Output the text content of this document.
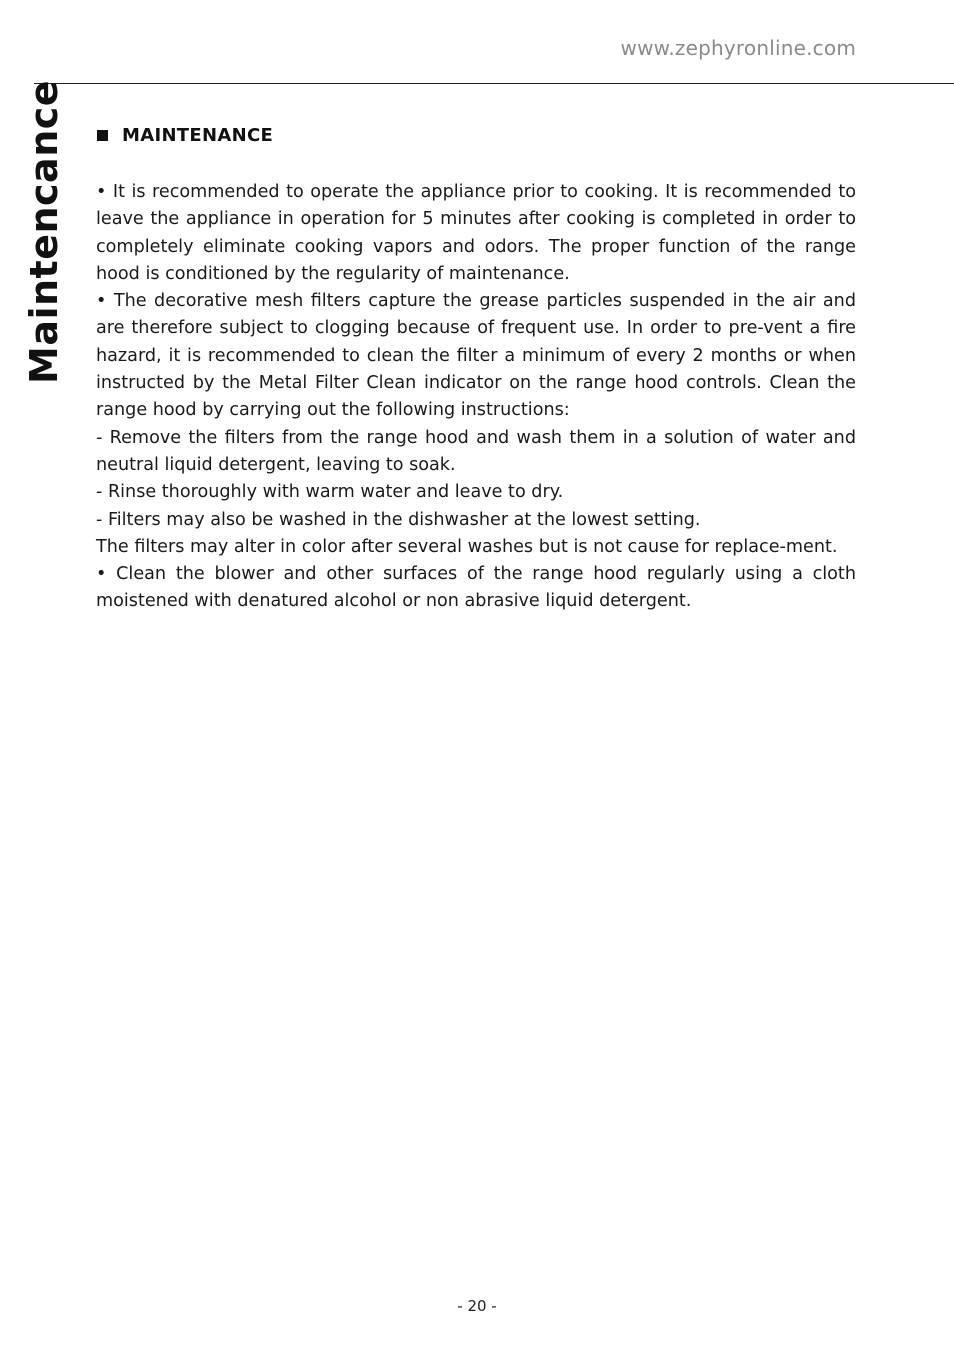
www.zephyronline.com
Maintencance	MAINTENANCE

• It is recommended to operate the appliance prior to cooking. It is recommended to leave the appliance in operation for 5 minutes after cooking is completed in order to completely eliminate cooking vapors and odors. The proper function of the range hood is conditioned by the regularity of maintenance.

• The decorative mesh filters capture the grease particles suspended in the air and are therefore subject to clogging because of frequent use. In order to pre-vent a fire hazard, it is recommended to clean the filter a minimum of every 2 months or when instructed by the Metal Filter Clean indicator on the range hood controls. Clean the range hood by carrying out the following instructions:

- Remove the filters from the range hood and wash them in a solution of water and neutral liquid detergent, leaving to soak.

- Rinse thoroughly with warm water and leave to dry.

- Filters may also be washed in the dishwasher at the lowest setting.

The filters may alter in color after several washes but is not cause for replace-ment.

• Clean the blower and other surfaces of the range hood regularly using a cloth moistened with denatured alcohol or non abrasive liquid detergent.

- 20 -
